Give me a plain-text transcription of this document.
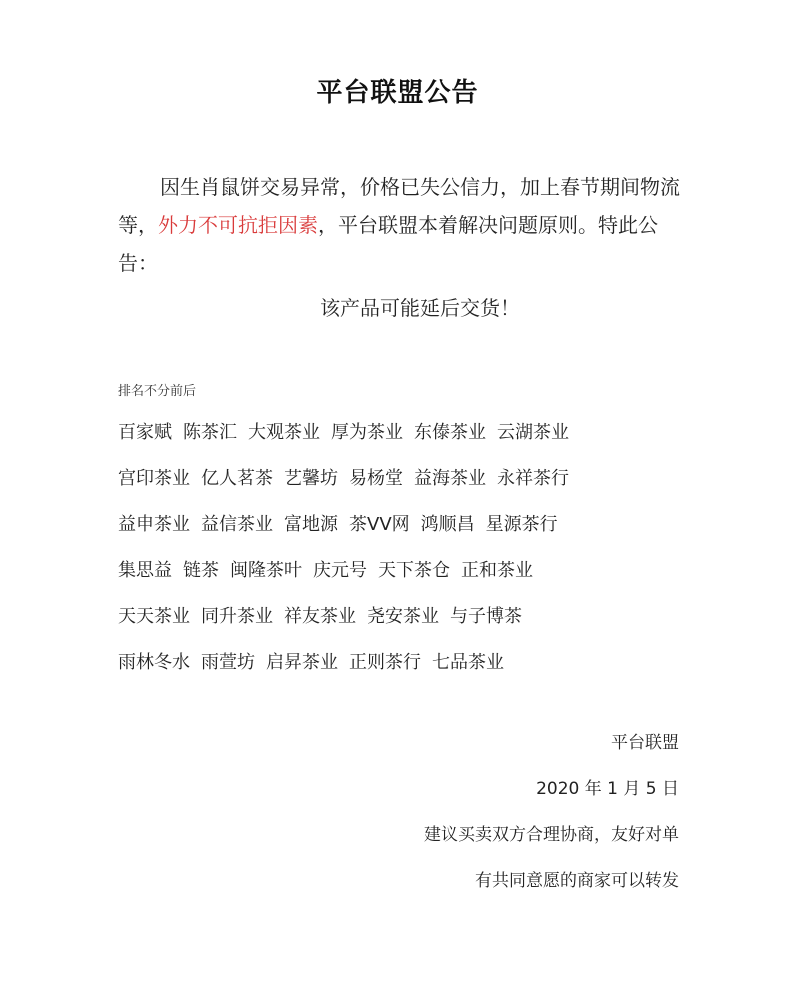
平台联盟公告
因生肖鼠饼交易异常，价格已失公信力，加上春节期间物流等，外力不可抗拒因素，平台联盟本着解决问题原则。特此公告：
该产品可能延后交货！
排名不分前后
百家赋 陈茶汇 大观茶业 厚为茶业 东傣茶业 云湖茶业
宫印茶业 亿人茗茶 艺馨坊 易杨堂 益海茶业 永祥茶行
益申茶业 益信茶业 富地源 茶VV网 鸿顺昌 星源茶行
集思益 链茶 闽隆茶叶 庆元号 天下茶仓 正和茶业
天天茶业 同升茶业 祥友茶业 尧安茶业 与子博茶
雨林冬水 雨萱坊 启昇茶业 正则茶行 七品茶业
平台联盟
2020 年 1 月 5 日
建议买卖双方合理协商，友好对单
有共同意愿的商家可以转发
